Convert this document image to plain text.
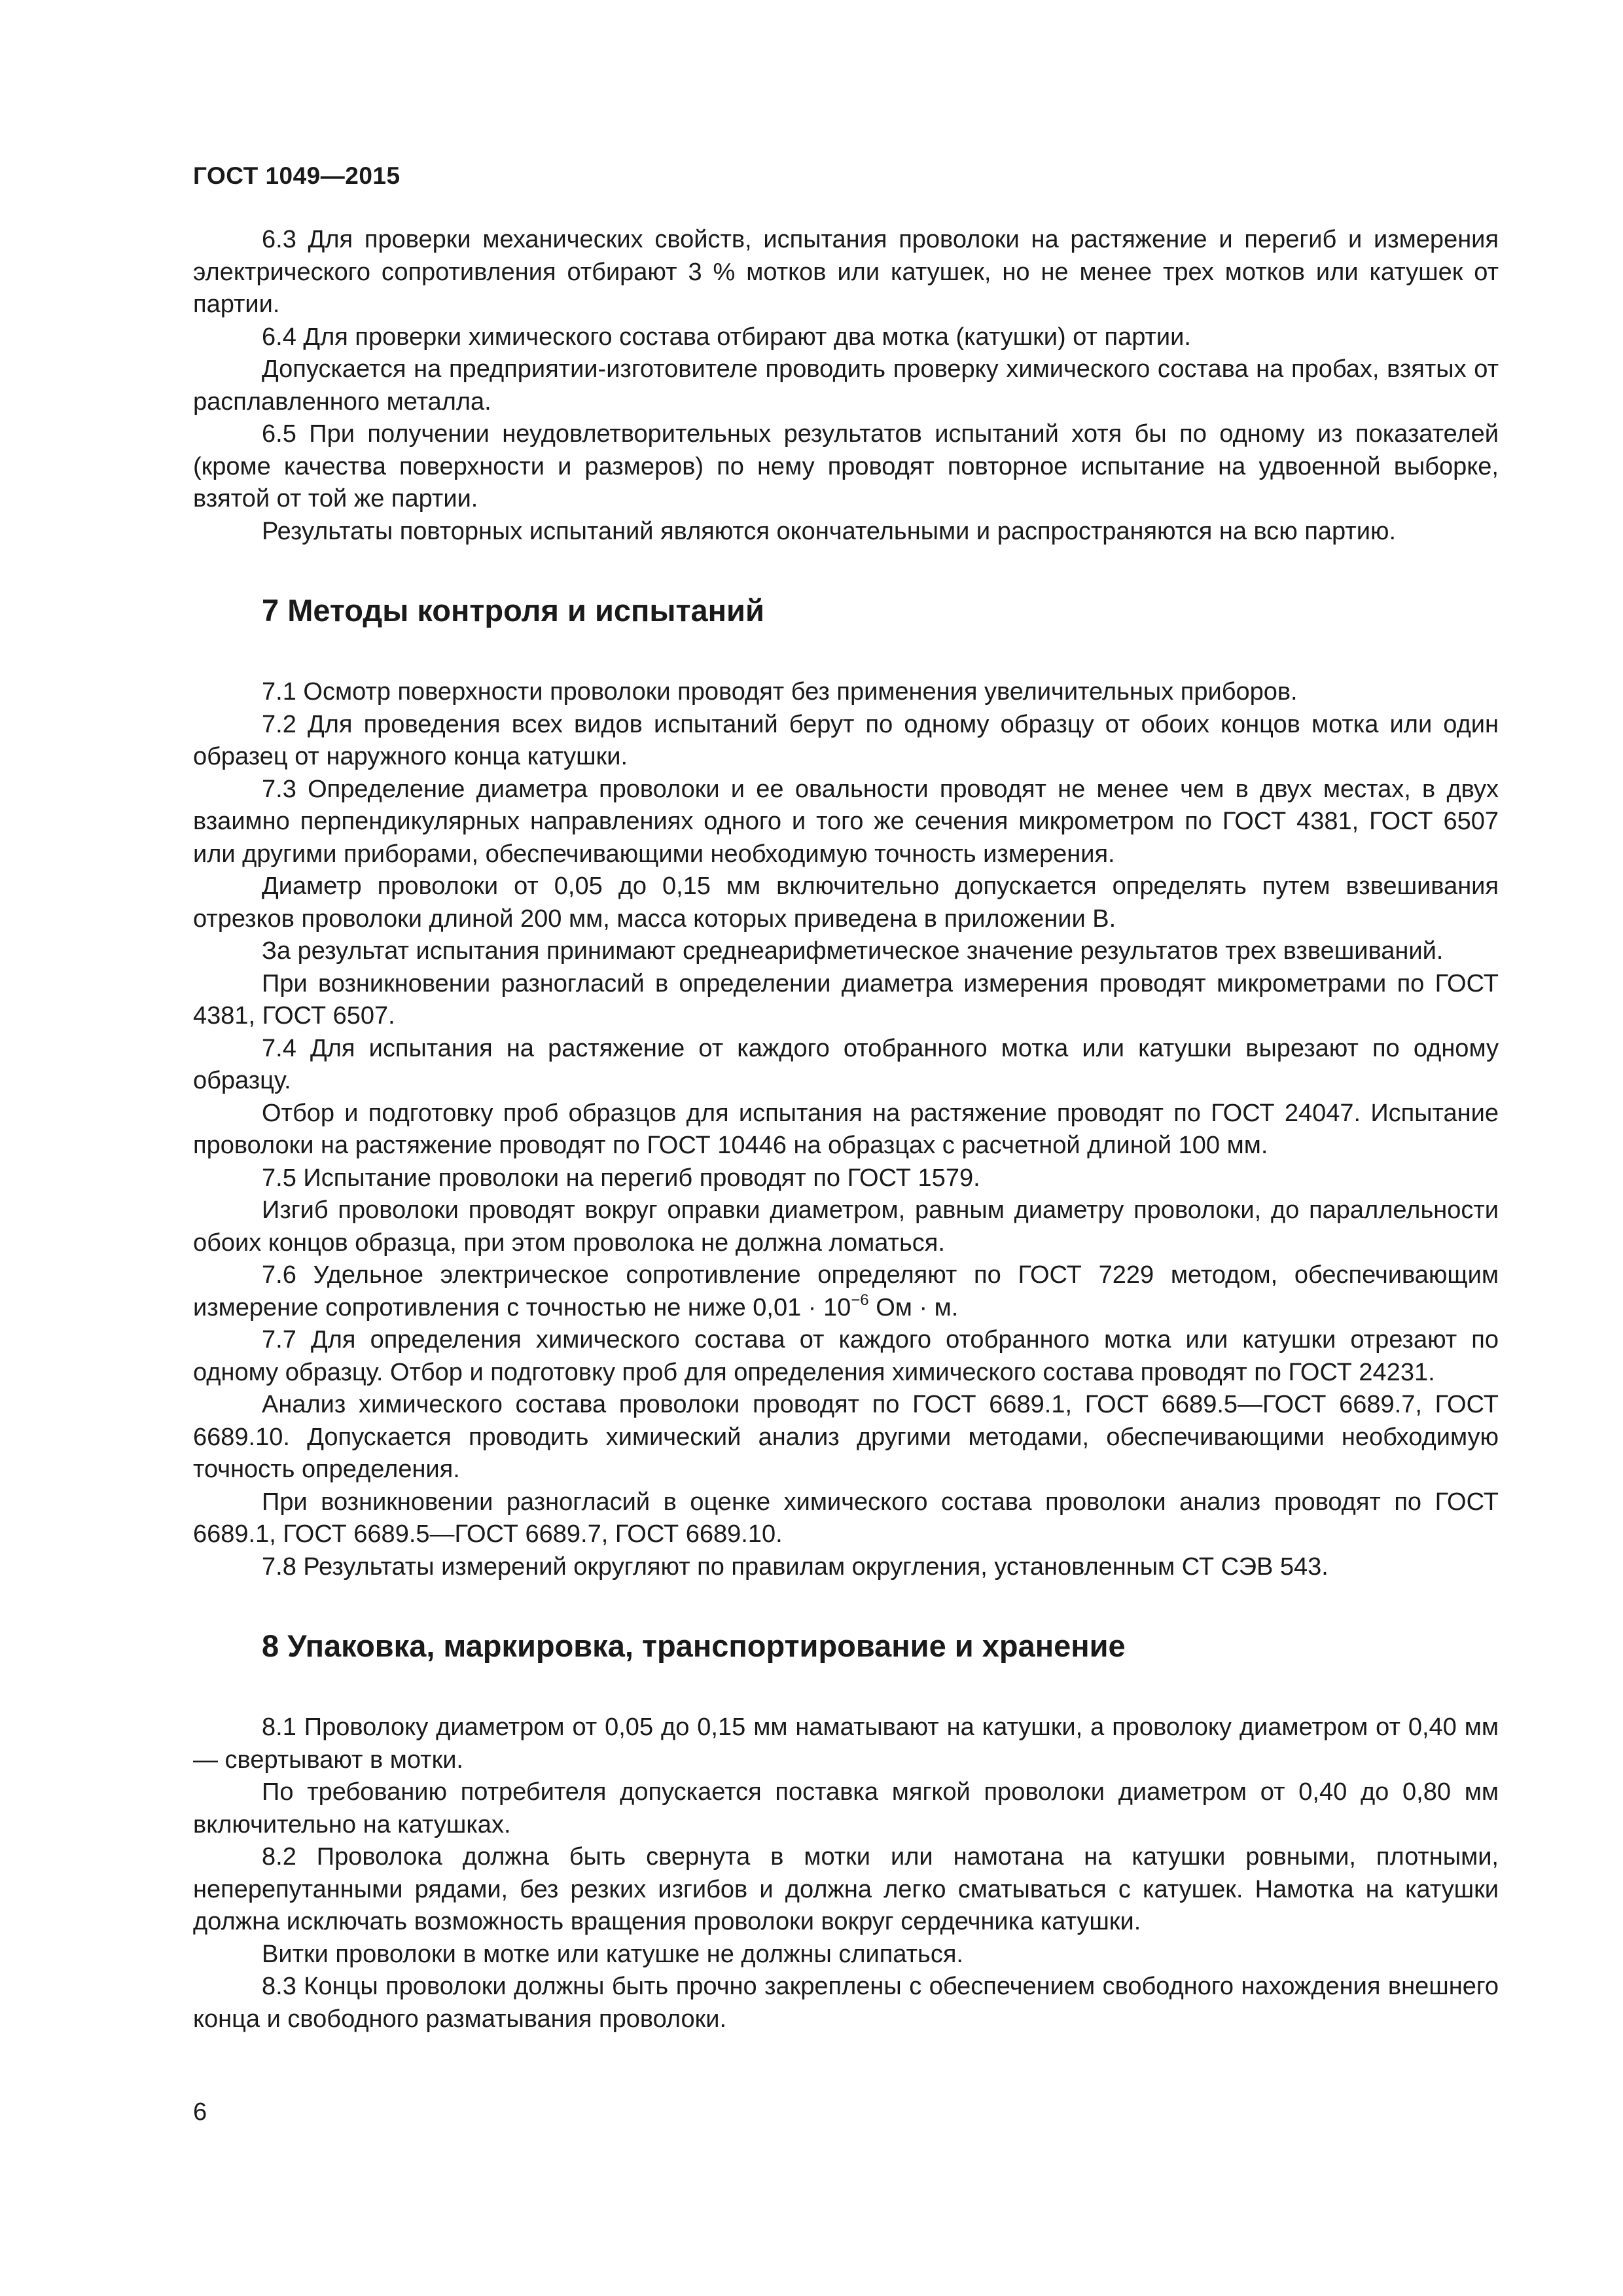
ГОСТ 1049—2015

6.3 Для проверки механических свойств, испытания проволоки на растяжение и перегиб и измерения электрического сопротивления отбирают 3 % мотков или катушек, но не менее трех мотков или катушек от партии.

6.4 Для проверки химического состава отбирают два мотка (катушки) от партии.

Допускается на предприятии-изготовителе проводить проверку химического состава на пробах, взятых от расплавленного металла.

6.5 При получении неудовлетворительных результатов испытаний хотя бы по одному из показателей (кроме качества поверхности и размеров) по нему проводят повторное испытание на удвоенной выборке, взятой от той же партии.

Результаты повторных испытаний являются окончательными и распространяются на всю партию.

7 Методы контроля и испытаний

7.1 Осмотр поверхности проволоки проводят без применения увеличительных приборов.

7.2 Для проведения всех видов испытаний берут по одному образцу от обоих концов мотка или один образец от наружного конца катушки.

7.3 Определение диаметра проволоки и ее овальности проводят не менее чем в двух местах, в двух взаимно перпендикулярных направлениях одного и того же сечения микрометром по ГОСТ 4381, ГОСТ 6507 или другими приборами, обеспечивающими необходимую точность измерения.

Диаметр проволоки от 0,05 до 0,15 мм включительно допускается определять путем взвешивания отрезков проволоки длиной 200 мм, масса которых приведена в приложении В.

За результат испытания принимают среднеарифметическое значение результатов трех взвешиваний.

При возникновении разногласий в определении диаметра измерения проводят микрометрами по ГОСТ 4381, ГОСТ 6507.

7.4 Для испытания на растяжение от каждого отобранного мотка или катушки вырезают по одному образцу.

Отбор и подготовку проб образцов для испытания на растяжение проводят по ГОСТ 24047. Испытание проволоки на растяжение проводят по ГОСТ 10446 на образцах с расчетной длиной 100 мм.

7.5 Испытание проволоки на перегиб проводят по ГОСТ 1579.

Изгиб проволоки проводят вокруг оправки диаметром, равным диаметру проволоки, до параллельности обоих концов образца, при этом проволока не должна ломаться.

7.6 Удельное электрическое сопротивление определяют по ГОСТ 7229 методом, обеспечивающим измерение сопротивления с точностью не ниже $0,01 \cdot 10^{-6}$ Ом · м.

7.7 Для определения химического состава от каждого отобранного мотка или катушки отрезают по одному образцу. Отбор и подготовку проб для определения химического состава проводят по ГОСТ 24231.

Анализ химического состава проволоки проводят по ГОСТ 6689.1, ГОСТ 6689.5—ГОСТ 6689.7, ГОСТ 6689.10. Допускается проводить химический анализ другими методами, обеспечивающими необходимую точность определения.

При возникновении разногласий в оценке химического состава проволоки анализ проводят по ГОСТ 6689.1, ГОСТ 6689.5—ГОСТ 6689.7, ГОСТ 6689.10.

7.8 Результаты измерений округляют по правилам округления, установленным СТ СЭВ 543.

8 Упаковка, маркировка, транспортирование и хранение

8.1 Проволоку диаметром от 0,05 до 0,15 мм наматывают на катушки, а проволоку диаметром от 0,40 мм — свертывают в мотки.

По требованию потребителя допускается поставка мягкой проволоки диаметром от 0,40 до 0,80 мм включительно на катушках.

8.2 Проволока должна быть свернута в мотки или намотана на катушки ровными, плотными, неперепутанными рядами, без резких изгибов и должна легко сматываться с катушек. Намотка на катушки должна исключать возможность вращения проволоки вокруг сердечника катушки.

Витки проволоки в мотке или катушке не должны слипаться.

8.3 Концы проволоки должны быть прочно закреплены с обеспечением свободного нахождения внешнего конца и свободного разматывания проволоки.

6
